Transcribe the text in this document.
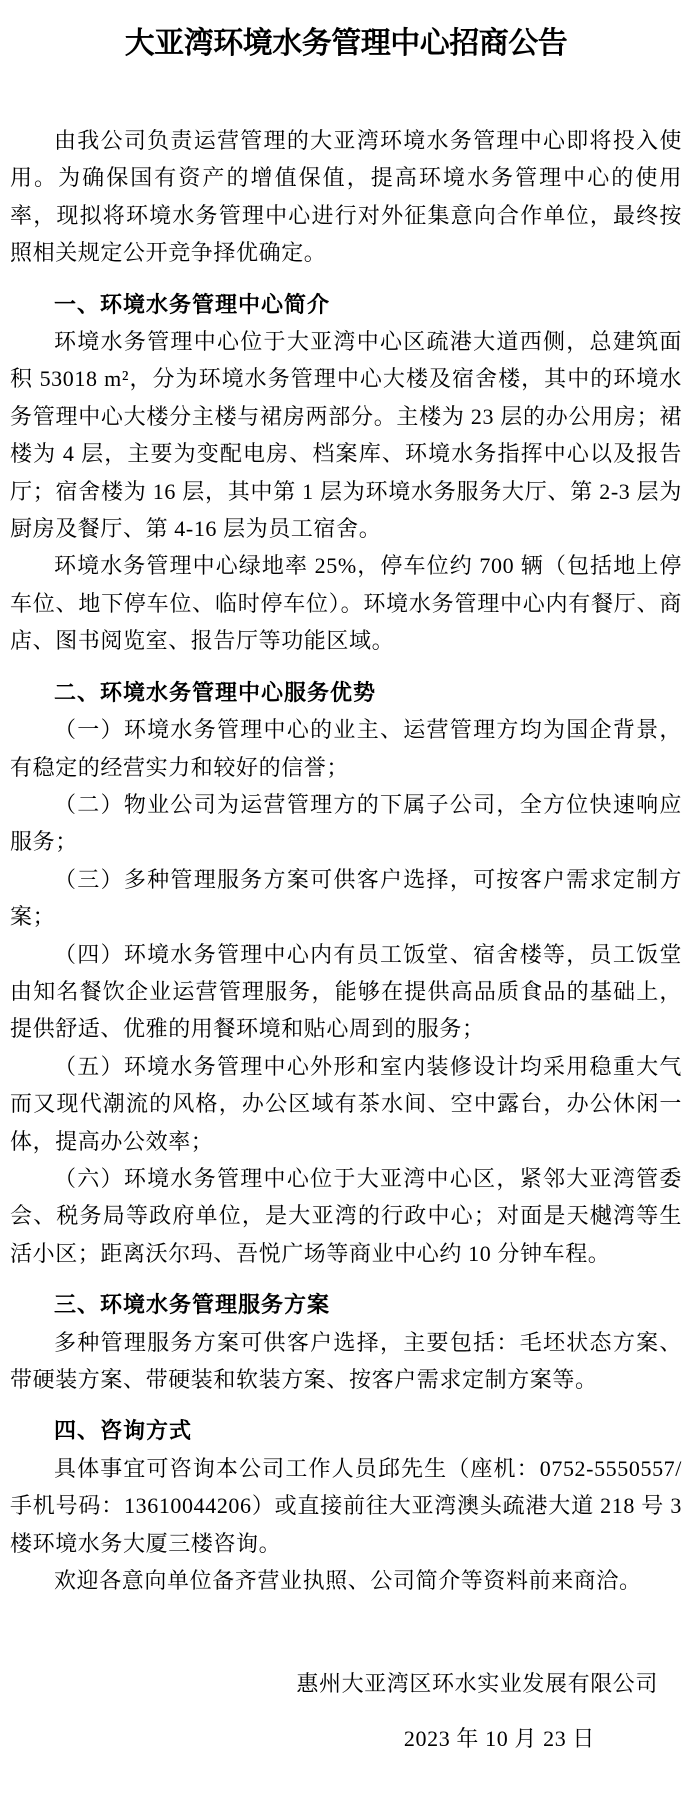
大亚湾环境水务管理中心招商公告

由我公司负责运营管理的大亚湾环境水务管理中心即将投入使用。为确保国有资产的增值保值，提高环境水务管理中心的使用率，现拟将环境水务管理中心进行对外征集意向合作单位，最终按照相关规定公开竞争择优确定。

一、环境水务管理中心简介

环境水务管理中心位于大亚湾中心区疏港大道西侧，总建筑面积 53018 m²，分为环境水务管理中心大楼及宿舍楼，其中的环境水务管理中心大楼分主楼与裙房两部分。主楼为 23 层的办公用房；裙楼为 4 层，主要为变配电房、档案库、环境水务指挥中心以及报告厅；宿舍楼为 16 层，其中第 1 层为环境水务服务大厅、第 2-3 层为厨房及餐厅、第 4-16 层为员工宿舍。

环境水务管理中心绿地率 25%，停车位约 700 辆（包括地上停车位、地下停车位、临时停车位）。环境水务管理中心内有餐厅、商店、图书阅览室、报告厅等功能区域。

二、环境水务管理中心服务优势

（一）环境水务管理中心的业主、运营管理方均为国企背景，有稳定的经营实力和较好的信誉；

（二）物业公司为运营管理方的下属子公司，全方位快速响应服务；

（三）多种管理服务方案可供客户选择，可按客户需求定制方案；

（四）环境水务管理中心内有员工饭堂、宿舍楼等，员工饭堂由知名餐饮企业运营管理服务，能够在提供高品质食品的基础上，提供舒适、优雅的用餐环境和贴心周到的服务；

（五）环境水务管理中心外形和室内装修设计均采用稳重大气而又现代潮流的风格，办公区域有茶水间、空中露台，办公休闲一体，提高办公效率；

（六）环境水务管理中心位于大亚湾中心区，紧邻大亚湾管委会、税务局等政府单位，是大亚湾的行政中心；对面是天樾湾等生活小区；距离沃尔玛、吾悦广场等商业中心约 10 分钟车程。

三、环境水务管理服务方案

多种管理服务方案可供客户选择，主要包括：毛坯状态方案、带硬装方案、带硬装和软装方案、按客户需求定制方案等。

四、咨询方式

具体事宜可咨询本公司工作人员邱先生（座机：0752-5550557/手机号码：13610044206）或直接前往大亚湾澳头疏港大道 218 号 3 楼环境水务大厦三楼咨询。

欢迎各意向单位备齐营业执照、公司简介等资料前来商洽。

惠州大亚湾区环水实业发展有限公司
2023 年 10 月 23 日
